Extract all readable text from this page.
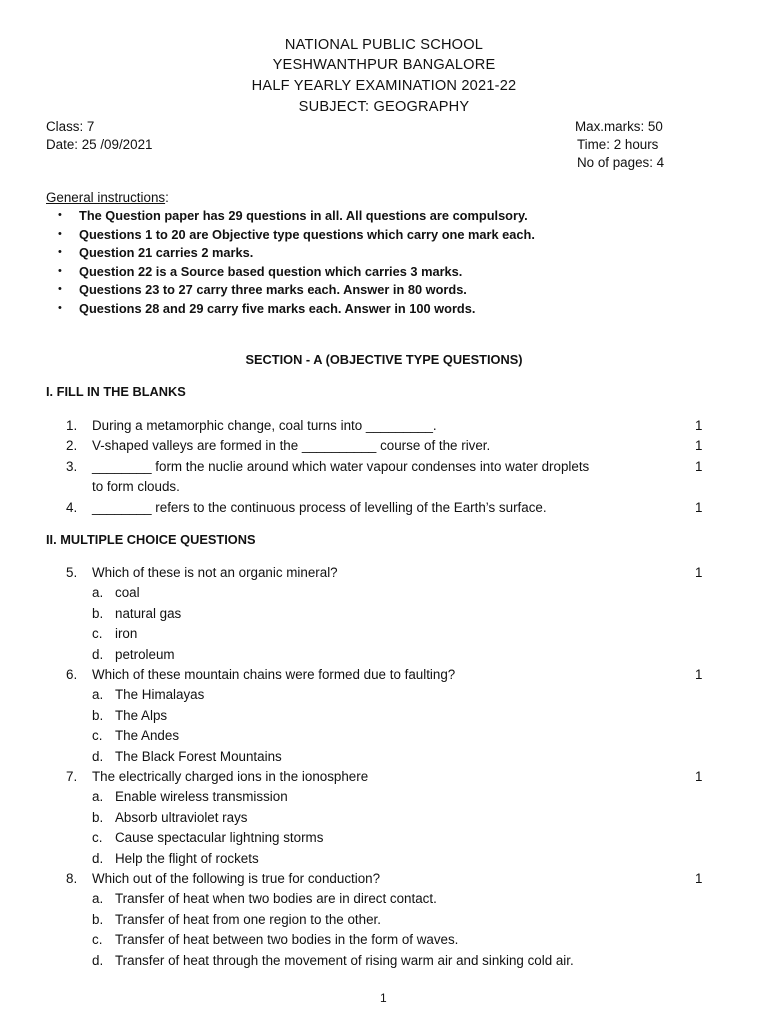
NATIONAL PUBLIC SCHOOL
YESHWANTHPUR BANGALORE
HALF YEARLY EXAMINATION 2021-22
SUBJECT: GEOGRAPHY
Class: 7
Date: 25 /09/2021
Max.marks: 50
Time: 2 hours
No of pages: 4
General instructions:
• The Question paper has 29 questions in all. All questions are compulsory.
• Questions 1 to 20 are Objective type questions which carry one mark each.
• Question 21 carries 2 marks.
• Question 22 is a Source based question which carries 3 marks.
• Questions 23 to 27 carry three marks each. Answer in 80 words.
• Questions 28 and 29 carry five marks each. Answer in 100 words.
SECTION - A (OBJECTIVE TYPE QUESTIONS)
I. FILL IN THE BLANKS
1. During a metamorphic change, coal turns into _________.	1
2. V-shaped valleys are formed in the __________ course of the river.	1
3. ________ form the nuclie around which water vapour condenses into water droplets
to form clouds.
1
4. ________ refers to the continuous process of levelling of the Earth’s surface.	1
II. MULTIPLE CHOICE QUESTIONS
5. Which of these is not an organic mineral?	1
a. coal
b. natural gas
c. iron
d. petroleum
6. Which of these mountain chains were formed due to faulting?	1
a. The Himalayas
b. The Alps
c. The Andes
d. The Black Forest Mountains
7. The electrically charged ions in the ionosphere	1
a. Enable wireless transmission
b. Absorb ultraviolet rays
c. Cause spectacular lightning storms
d. Help the flight of rockets
8. Which out of the following is true for conduction?	1
a. Transfer of heat when two bodies are in direct contact.
b. Transfer of heat from one region to the other.
c. Transfer of heat between two bodies in the form of waves.
d. Transfer of heat through the movement of rising warm air and sinking cold air.
1
